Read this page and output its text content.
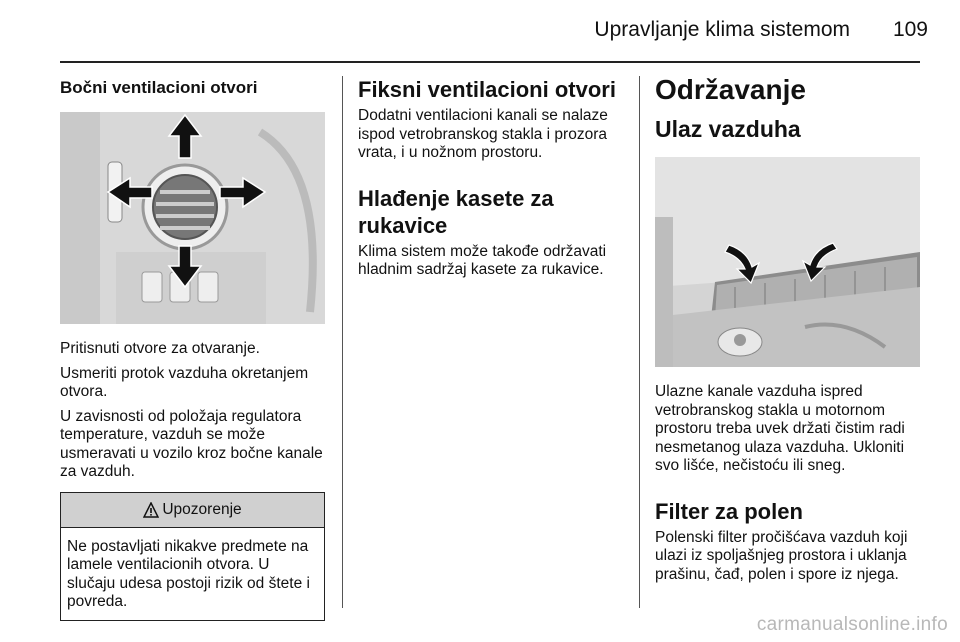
Upravljanje klima sistemom	109
Bočni ventilacioni otvori

Pritisnuti otvore za otvaranje.

Usmeriti protok vazduha okretanjem otvora.

U zavisnosti od položaja regulatora temperature, vazduh se može usmeravati u vozilo kroz bočne kanale za vazduh.

Upozorenje
Ne postavljati nikakve predmete na lamele ventilacionih otvora. U slučaju udesa postoji rizik od štete i povreda.
Fiksni ventilacioni otvori

Dodatni ventilacioni kanali se nalaze ispod vetrobranskog stakla i prozora vrata, i u nožnom prostoru.

Hlađenje kasete za rukavice

Klima sistem može takođe održavati hladnim sadržaj kasete za rukavice.

Održavanje
Ulaz vazduha

Ulazne kanale vazduha ispred vetrobranskog stakla u motornom prostoru treba uvek držati čistim radi nesmetanog ulaza vazduha. Ukloniti svo lišće, nečistoću ili sneg.

Filter za polen

Polenski filter pročišćava vazduh koji ulazi iz spoljašnjeg prostora i uklanja prašinu, čađ, polen i spore iz njega.

carmanualsonline.info
